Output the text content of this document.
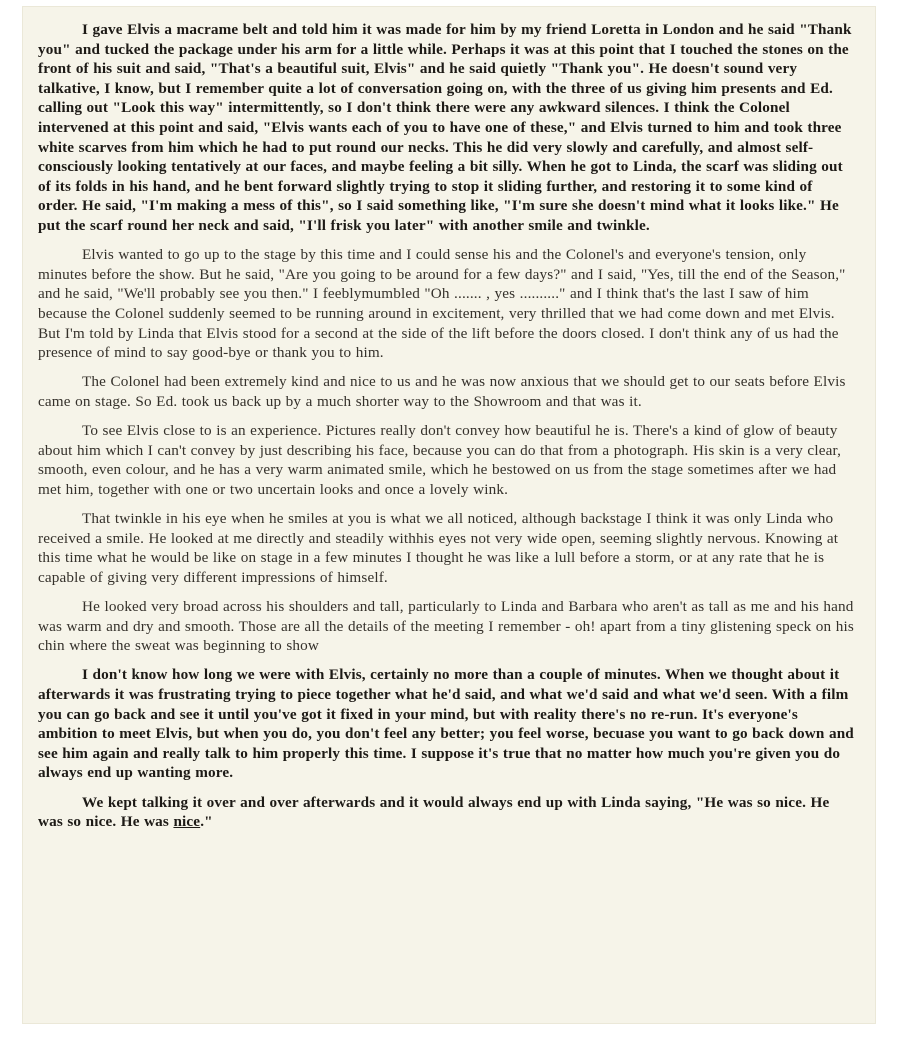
I gave Elvis a macrame belt and told him it was made for him by my friend Loretta in London and he said "Thank you" and tucked the package under his arm for a little while. Perhaps it was at this point that I touched the stones on the front of his suit and said, "That's a beautiful suit, Elvis" and he said quietly "Thank you". He doesn't sound very talkative, I know, but I remember quite a lot of conversation going on, with the three of us giving him presents and Ed. calling out "Look this way" intermittently, so I don't think there were any awkward silences. I think the Colonel intervened at this point and said, "Elvis wants each of you to have one of these," and Elvis turned to him and took three white scarves from him which he had to put round our necks. This he did very slowly and carefully, and almost self-consciously looking tentatively at our faces, and maybe feeling a bit silly. When he got to Linda, the scarf was sliding out of its folds in his hand, and he bent forward slightly trying to stop it sliding further, and restoring it to some kind of order. He said, "I'm making a mess of this", so I said something like, "I'm sure she doesn't mind what it looks like." He put the scarf round her neck and said, "I'll frisk you later" with another smile and twinkle.

Elvis wanted to go up to the stage by this time and I could sense his and the Colonel's and everyone's tension, only minutes before the show. But he said, "Are you going to be around for a few days?" and I said, "Yes, till the end of the Season," and he said, "We'll probably see you then." I feeblymumbled "Oh ....... , yes .........." and I think that's the last I saw of him because the Colonel suddenly seemed to be running around in excitement, very thrilled that we had come down and met Elvis. But I'm told by Linda that Elvis stood for a second at the side of the lift before the doors closed. I don't think any of us had the presence of mind to say good-bye or thank you to him.

The Colonel had been extremely kind and nice to us and he was now anxious that we should get to our seats before Elvis came on stage. So Ed. took us back up by a much shorter way to the Showroom and that was it.

To see Elvis close to is an experience. Pictures really don't convey how beautiful he is. There's a kind of glow of beauty about him which I can't convey by just describing his face, because you can do that from a photograph. His skin is a very clear, smooth, even colour, and he has a very warm animated smile, which he bestowed on us from the stage sometimes after we had met him, together with one or two uncertain looks and once a lovely wink.

That twinkle in his eye when he smiles at you is what we all noticed, although backstage I think it was only Linda who received a smile. He looked at me directly and steadily withhis eyes not very wide open, seeming slightly nervous. Knowing at this time what he would be like on stage in a few minutes I thought he was like a lull before a storm, or at any rate that he is capable of giving very different impressions of himself.

He looked very broad across his shoulders and tall, particularly to Linda and Barbara who aren't as tall as me and his hand was warm and dry and smooth. Those are all the details of the meeting I remember - oh! apart from a tiny glistening speck on his chin where the sweat was beginning to show

I don't know how long we were with Elvis, certainly no more than a couple of minutes. When we thought about it afterwards it was frustrating trying to piece together what he'd said, and what we'd said and what we'd seen. With a film you can go back and see it until you've got it fixed in your mind, but with reality there's no re-run. It's everyone's ambition to meet Elvis, but when you do, you don't feel any better; you feel worse, becuase you want to go back down and see him again and really talk to him properly this time. I suppose it's true that no matter how much you're given you do always end up wanting more.

We kept talking it over and over afterwards and it would always end up with Linda saying, "He was so nice. He was so nice. He was nice."
